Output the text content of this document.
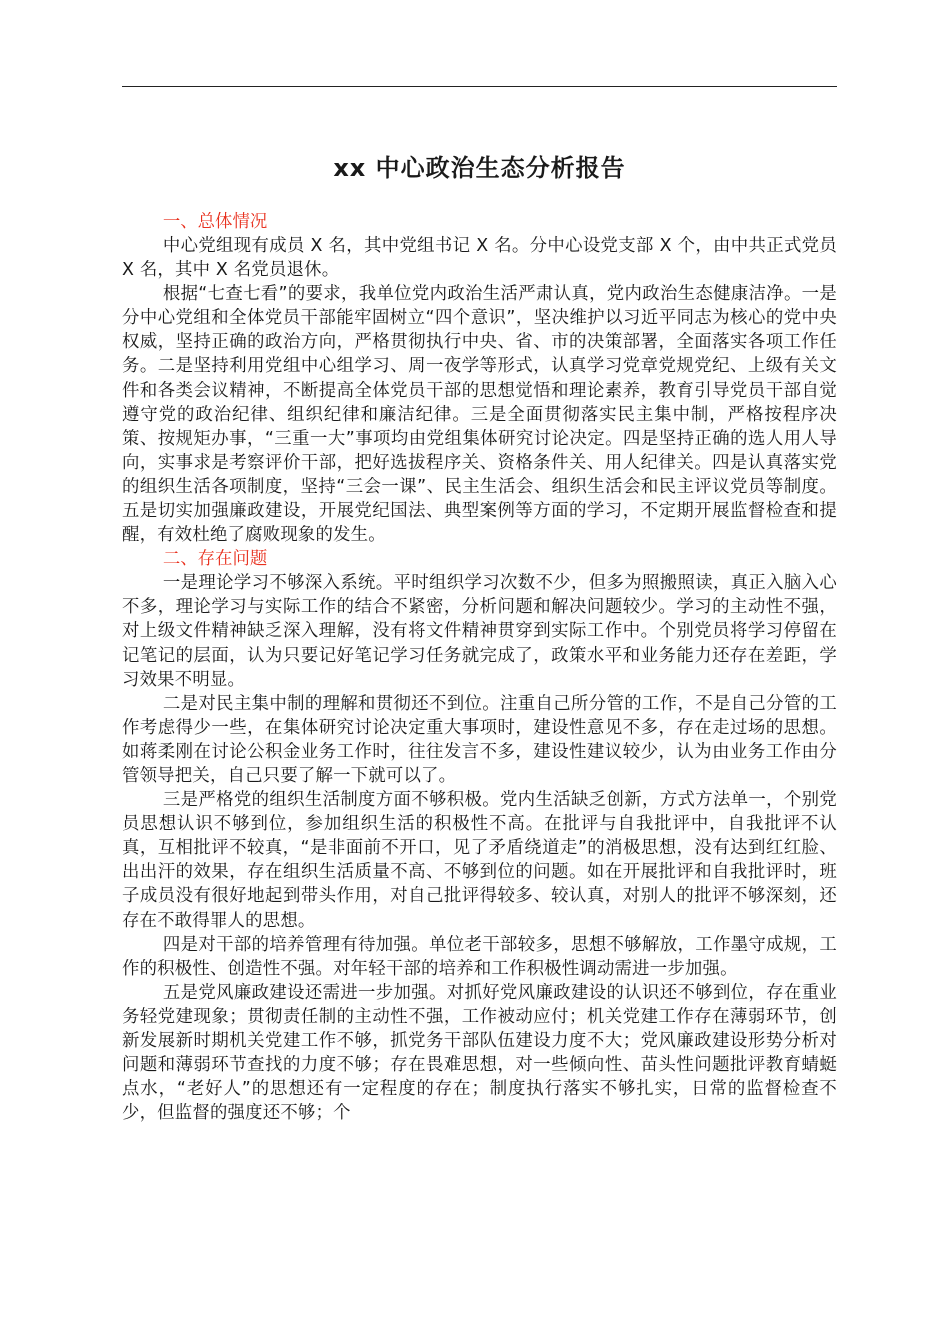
xx 中心政治生态分析报告

一、总体情况

中心党组现有成员 X 名，其中党组书记 X 名。分中心设党支部 X 个，由中共正式党员 X 名，其中 X 名党员退休。

根据“七查七看”的要求，我单位党内政治生活严肃认真，党内政治生态健康洁净。一是分中心党组和全体党员干部能牢固树立“四个意识”，坚决维护以习近平同志为核心的党中央权威，坚持正确的政治方向，严格贯彻执行中央、省、市的决策部署，全面落实各项工作任务。二是坚持利用党组中心组学习、周一夜学等形式，认真学习党章党规党纪、上级有关文件和各类会议精神，不断提高全体党员干部的思想觉悟和理论素养，教育引导党员干部自觉遵守党的政治纪律、组织纪律和廉洁纪律。三是全面贯彻落实民主集中制，严格按程序决策、按规矩办事，“三重一大”事项均由党组集体研究讨论决定。四是坚持正确的选人用人导向，实事求是考察评价干部，把好选拔程序关、资格条件关、用人纪律关。四是认真落实党的组织生活各项制度，坚持“三会一课”、民主生活会、组织生活会和民主评议党员等制度。五是切实加强廉政建设，开展党纪国法、典型案例等方面的学习，不定期开展监督检查和提醒，有效杜绝了腐败现象的发生。

二、存在问题

一是理论学习不够深入系统。平时组织学习次数不少，但多为照搬照读，真正入脑入心不多，理论学习与实际工作的结合不紧密，分析问题和解决问题较少。学习的主动性不强，对上级文件精神缺乏深入理解，没有将文件精神贯穿到实际工作中。个别党员将学习停留在记笔记的层面，认为只要记好笔记学习任务就完成了，政策水平和业务能力还存在差距，学习效果不明显。

二是对民主集中制的理解和贯彻还不到位。注重自己所分管的工作，不是自己分管的工作考虑得少一些，在集体研究讨论决定重大事项时，建设性意见不多，存在走过场的思想。如蒋柔刚在讨论公积金业务工作时，往往发言不多，建设性建议较少，认为由业务工作由分管领导把关，自己只要了解一下就可以了。

三是严格党的组织生活制度方面不够积极。党内生活缺乏创新，方式方法单一，个别党员思想认识不够到位，参加组织生活的积极性不高。在批评与自我批评中，自我批评不认真，互相批评不较真，“是非面前不开口，见了矛盾绕道走”的消极思想，没有达到红红脸、出出汗的效果，存在组织生活质量不高、不够到位的问题。如在开展批评和自我批评时，班子成员没有很好地起到带头作用，对自己批评得较多、较认真，对别人的批评不够深刻，还存在不敢得罪人的思想。

四是对干部的培养管理有待加强。单位老干部较多，思想不够解放，工作墨守成规，工作的积极性、创造性不强。对年轻干部的培养和工作积极性调动需进一步加强。

五是党风廉政建设还需进一步加强。对抓好党风廉政建设的认识还不够到位，存在重业务轻党建现象；贯彻责任制的主动性不强，工作被动应付；机关党建工作存在薄弱环节，创新发展新时期机关党建工作不够，抓党务干部队伍建设力度不大；党风廉政建设形势分析对问题和薄弱环节查找的力度不够；存在畏难思想，对一些倾向性、苗头性问题批评教育蜻蜓点水，“老好人”的思想还有一定程度的存在；制度执行落实不够扎实，日常的监督检查不少，但监督的强度还不够；个
